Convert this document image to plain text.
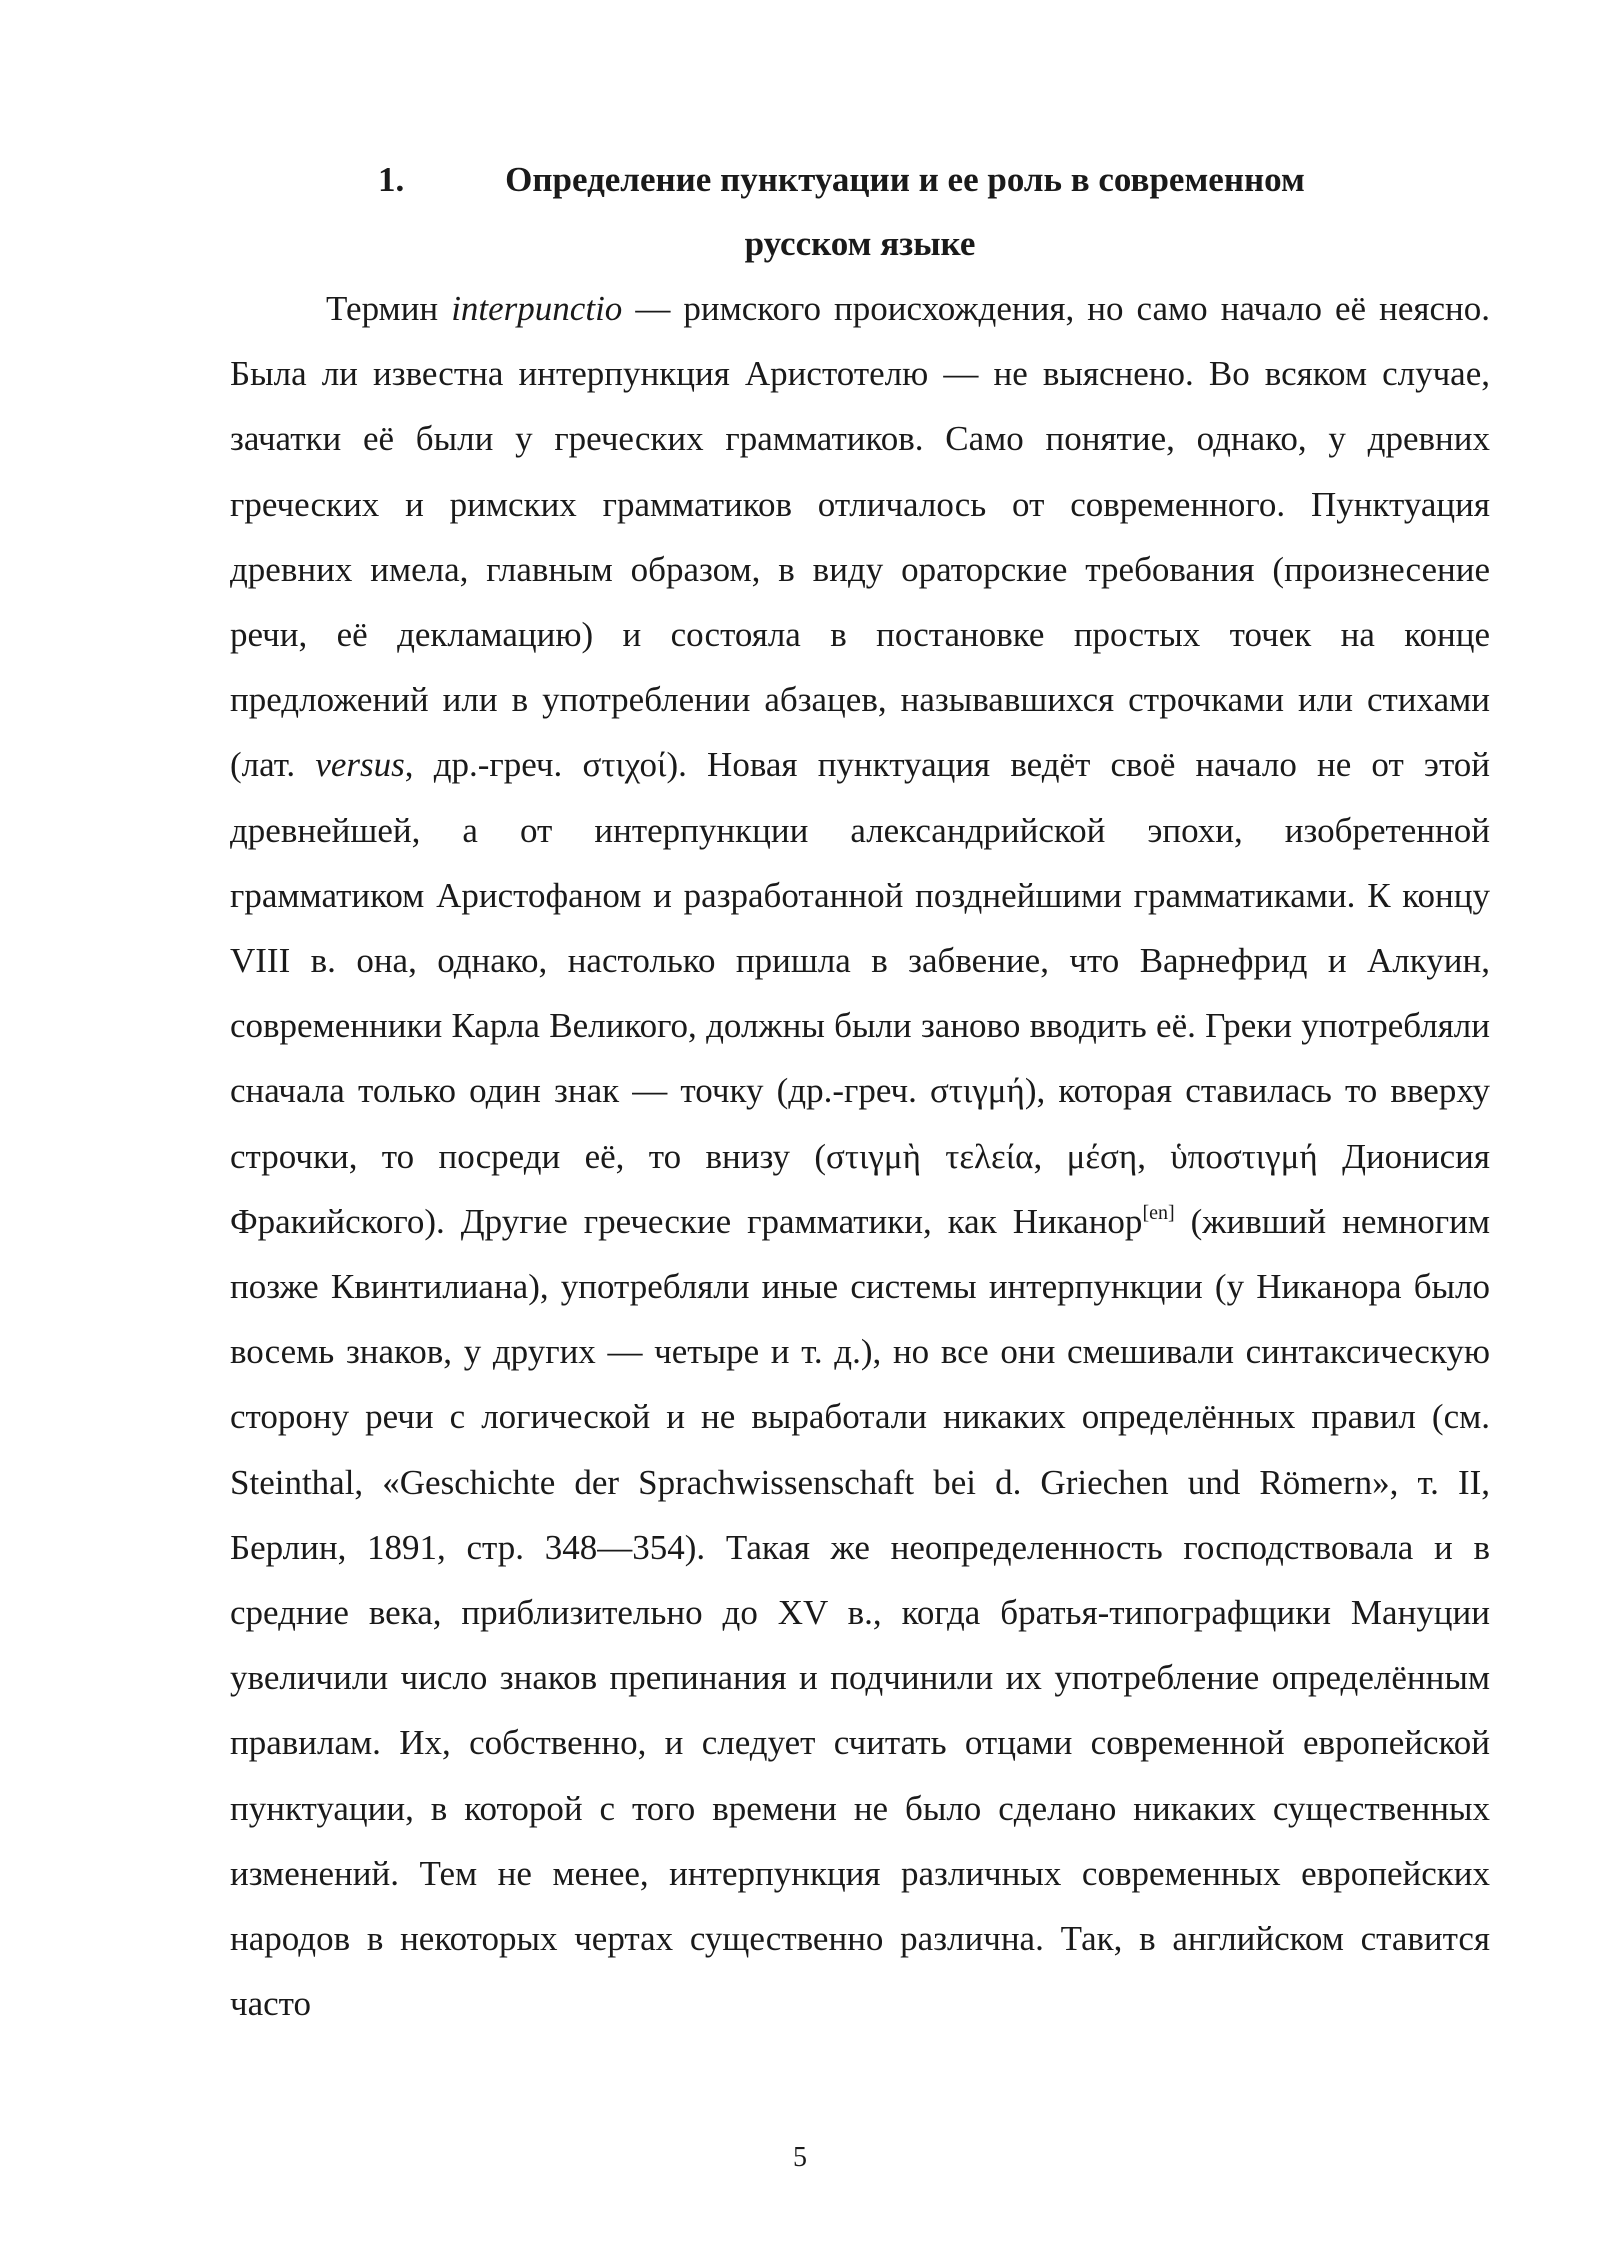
1.	Определение пунктуации и ее роль в современном
русском языке

Термин interpunctio — римского происхождения, но само начало её неясно. Была ли известна интерпункция Аристотелю — не выяснено. Во всяком случае, зачатки её были у греческих грамматиков. Само понятие, однако, у древних греческих и римских грамматиков отличалось от современного. Пунктуация древних имела, главным образом, в виду ораторские требования (произнесение речи, её декламацию) и состояла в постановке простых точек на конце предложений или в употреблении абзацев, называвшихся строчками или стихами (лат. versus, др.-греч. στιχοί). Новая пунктуация ведёт своё начало не от этой древнейшей, а от интерпункции александрийской эпохи, изобретенной грамматиком Аристофаном и разработанной позднейшими грамматиками. К концу VIII в. она, однако, настолько пришла в забвение, что Варнефрид и Алкуин, современники Карла Великого, должны были заново вводить её. Греки употребляли сначала только один знак — точку (др.-греч. στιγμή), которая ставилась то вверху строчки, то посреди её, то внизу (στιγμὴ τελεία, μέση, ὑποστιγμή Дионисия Фракийского). Другие греческие грамматики, как Никанор[en] (живший немногим позже Квинтилиана), употребляли иные системы интерпункции (у Никанора было восемь знаков, у других — четыре и т. д.), но все они смешивали синтаксическую сторону речи с логической и не выработали никаких определённых правил (см. Steinthal, «Geschichte der Sprachwissenschaft bei d. Griechen und Römern», т. II, Берлин, 1891, стр. 348—354). Такая же неопределенность господствовала и в средние века, приблизительно до XV в., когда братья-типографщики Мануции увеличили число знаков препинания и подчинили их употребление определённым правилам. Их, собственно, и следует считать отцами современной европейской пунктуации, в которой с того времени не было сделано никаких существенных изменений. Тем не менее, интерпункция различных современных европейских народов в некоторых чертах существенно различна. Так, в английском ставится часто

5
